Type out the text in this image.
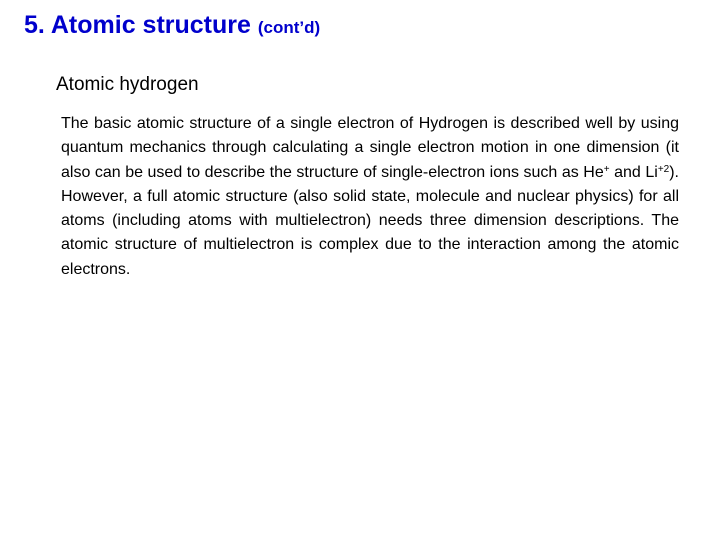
5. Atomic structure (cont’d)
Atomic hydrogen

The basic atomic structure of a single electron of Hydrogen is described well by using quantum mechanics through calculating a single electron motion in one dimension (it also can be used to describe the structure of single-electron ions such as He+ and $Li^{+2}$). However, a full atomic structure (also solid state, molecule and nuclear physics) for all atoms (including atoms with multielectron) needs three dimension descriptions. The atomic structure of multielectron is complex due to the interaction among the atomic electrons.
